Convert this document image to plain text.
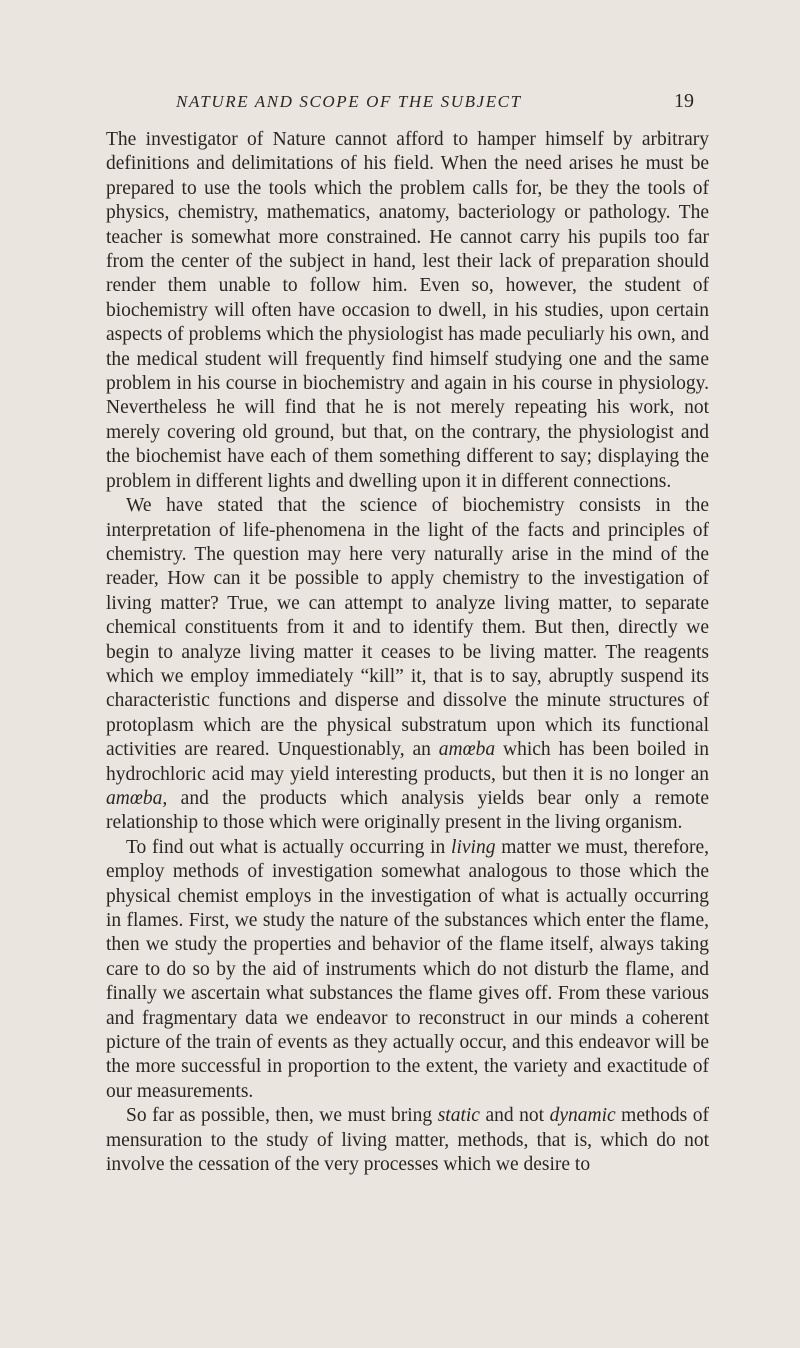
NATURE AND SCOPE OF THE SUBJECT	19

The investigator of Nature cannot afford to hamper himself by arbitrary definitions and delimitations of his field. When the need arises he must be prepared to use the tools which the problem calls for, be they the tools of physics, chemistry, mathematics, anatomy, bacteriology or pathology. The teacher is somewhat more constrained. He cannot carry his pupils too far from the center of the subject in hand, lest their lack of preparation should render them unable to follow him. Even so, however, the student of biochemistry will often have occasion to dwell, in his studies, upon certain aspects of problems which the physiologist has made peculiarly his own, and the medical student will frequently find himself studying one and the same problem in his course in biochemistry and again in his course in physiology. Nevertheless he will find that he is not merely repeating his work, not merely covering old ground, but that, on the contrary, the physiologist and the biochemist have each of them something different to say; displaying the problem in different lights and dwelling upon it in different connections.

We have stated that the science of biochemistry consists in the interpretation of life-phenomena in the light of the facts and principles of chemistry. The question may here very naturally arise in the mind of the reader, How can it be possible to apply chemistry to the investigation of living matter? True, we can attempt to analyze living matter, to separate chemical constituents from it and to identify them. But then, directly we begin to analyze living matter it ceases to be living matter. The reagents which we employ immediately “kill” it, that is to say, abruptly suspend its characteristic functions and disperse and dissolve the minute structures of protoplasm which are the physical substratum upon which its functional activities are reared. Unquestionably, an amœba which has been boiled in hydrochloric acid may yield interesting products, but then it is no longer an amœba, and the products which analysis yields bear only a remote relationship to those which were originally present in the living organism.

To find out what is actually occurring in living matter we must, therefore, employ methods of investigation somewhat analogous to those which the physical chemist employs in the investigation of what is actually occurring in flames. First, we study the nature of the substances which enter the flame, then we study the properties and behavior of the flame itself, always taking care to do so by the aid of instruments which do not disturb the flame, and finally we ascertain what substances the flame gives off. From these various and fragmentary data we endeavor to reconstruct in our minds a coherent picture of the train of events as they actually occur, and this endeavor will be the more successful in proportion to the extent, the variety and exactitude of our measurements.

So far as possible, then, we must bring static and not dynamic methods of mensuration to the study of living matter, methods, that is, which do not involve the cessation of the very processes which we desire to
